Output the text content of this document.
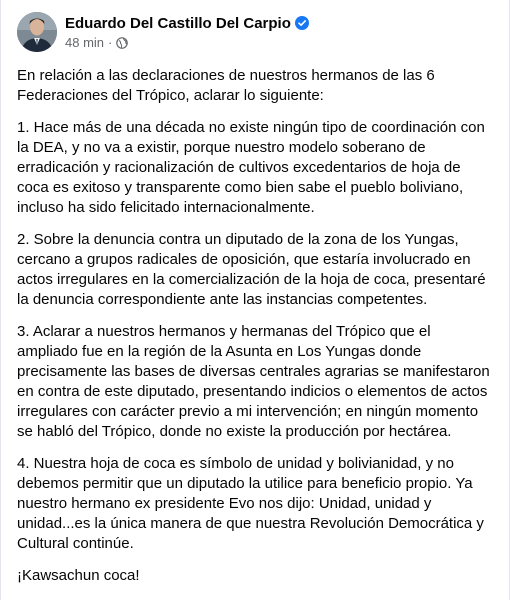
Eduardo Del Castillo Del Carpio
48 min ·

En relación a las declaraciones de nuestros hermanos de las 6 Federaciones del Trópico, aclarar lo siguiente:

1. Hace más de una década no existe ningún tipo de coordinación con la DEA, y no va a existir, porque nuestro modelo soberano de erradicación y racionalización de cultivos excedentarios de hoja de coca es exitoso y transparente como bien sabe el pueblo boliviano, incluso ha sido felicitado internacionalmente.

2. Sobre la denuncia contra un diputado de la zona de los Yungas, cercano a grupos radicales de oposición, que estaría involucrado en actos irregulares en la comercialización de la hoja de coca, presentaré la denuncia correspondiente ante las instancias competentes.

3. Aclarar a nuestros hermanos y hermanas del Trópico que el ampliado fue en la región de la Asunta en Los Yungas donde precisamente las bases de diversas centrales agrarias se manifestaron en contra de este diputado, presentando indicios o elementos de actos irregulares con carácter previo a mi intervención; en ningún momento se habló del Trópico, donde no existe la producción por hectárea.

4. Nuestra hoja de coca es símbolo de unidad y bolivianidad, y no debemos permitir que un diputado la utilice para beneficio propio. Ya nuestro hermano ex presidente Evo nos dijo: Unidad, unidad y unidad...es la única manera de que nuestra Revolución Democrática y Cultural continúe.

¡Kawsachun coca!
